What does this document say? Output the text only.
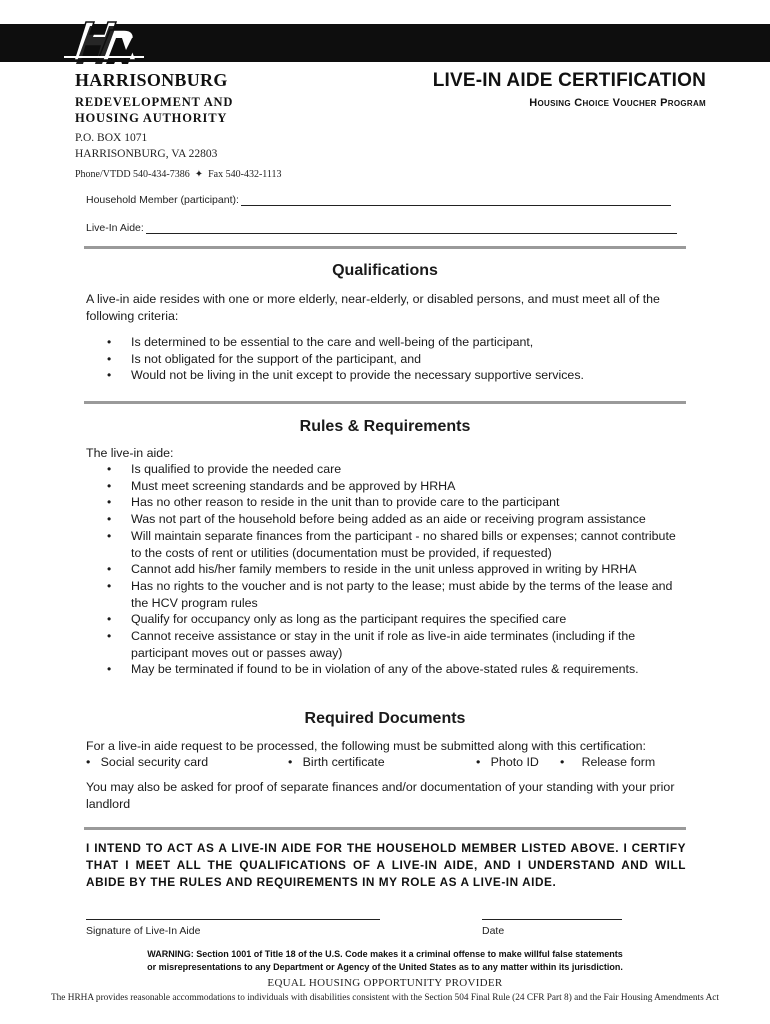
HARRISONBURG
REDEVELOPMENT AND
HOUSING AUTHORITY
P.O. BOX 1071
HARRISONBURG, VA 22803
Phone/VTDD 540-434-7386 ✦ Fax 540-432-1113
LIVE-IN AIDE CERTIFICATION
Housing Choice Voucher Program
Household Member (participant):
Live-In Aide:
Qualifications
A live-in aide resides with one or more elderly, near-elderly, or disabled persons, and must meet all of the following criteria:
• Is determined to be essential to the care and well-being of the participant,
• Is not obligated for the support of the participant, and
• Would not be living in the unit except to provide the necessary supportive services.
Rules & Requirements
The live-in aide:
• Is qualified to provide the needed care
• Must meet screening standards and be approved by HRHA
• Has no other reason to reside in the unit than to provide care to the participant
• Was not part of the household before being added as an aide or receiving program assistance
• Will maintain separate finances from the participant - no shared bills or expenses; cannot contribute to the costs of rent or utilities (documentation must be provided, if requested)
• Cannot add his/her family members to reside in the unit unless approved in writing by HRHA
• Has no rights to the voucher and is not party to the lease; must abide by the terms of the lease and the HCV program rules
• Qualify for occupancy only as long as the participant requires the specified care
• Cannot receive assistance or stay in the unit if role as live-in aide terminates (including if the participant moves out or passes away)
• May be terminated if found to be in violation of any of the above-stated rules & requirements.
Required Documents
For a live-in aide request to be processed, the following must be submitted along with this certification:
• Social security card	• Birth certificate	• Photo ID • Release form
You may also be asked for proof of separate finances and/or documentation of your standing with your prior landlord
I INTEND TO ACT AS A LIVE-IN AIDE FOR THE HOUSEHOLD MEMBER LISTED ABOVE. I CERTIFY THAT I MEET ALL THE QUALIFICATIONS OF A LIVE-IN AIDE, AND I UNDERSTAND AND WILL ABIDE BY THE RULES AND REQUIREMENTS IN MY ROLE AS A LIVE-IN AIDE.
Signature of Live-In Aide	Date
WARNING: Section 1001 of Title 18 of the U.S. Code makes it a criminal offense to make willful false statements
or misrepresentations to any Department or Agency of the United States as to any matter within its jurisdiction.
EQUAL HOUSING OPPORTUNITY PROVIDER
The HRHA provides reasonable accommodations to individuals with disabilities consistent with the Section 504 Final Rule (24 CFR Part 8) and the Fair Housing Amendments Act
